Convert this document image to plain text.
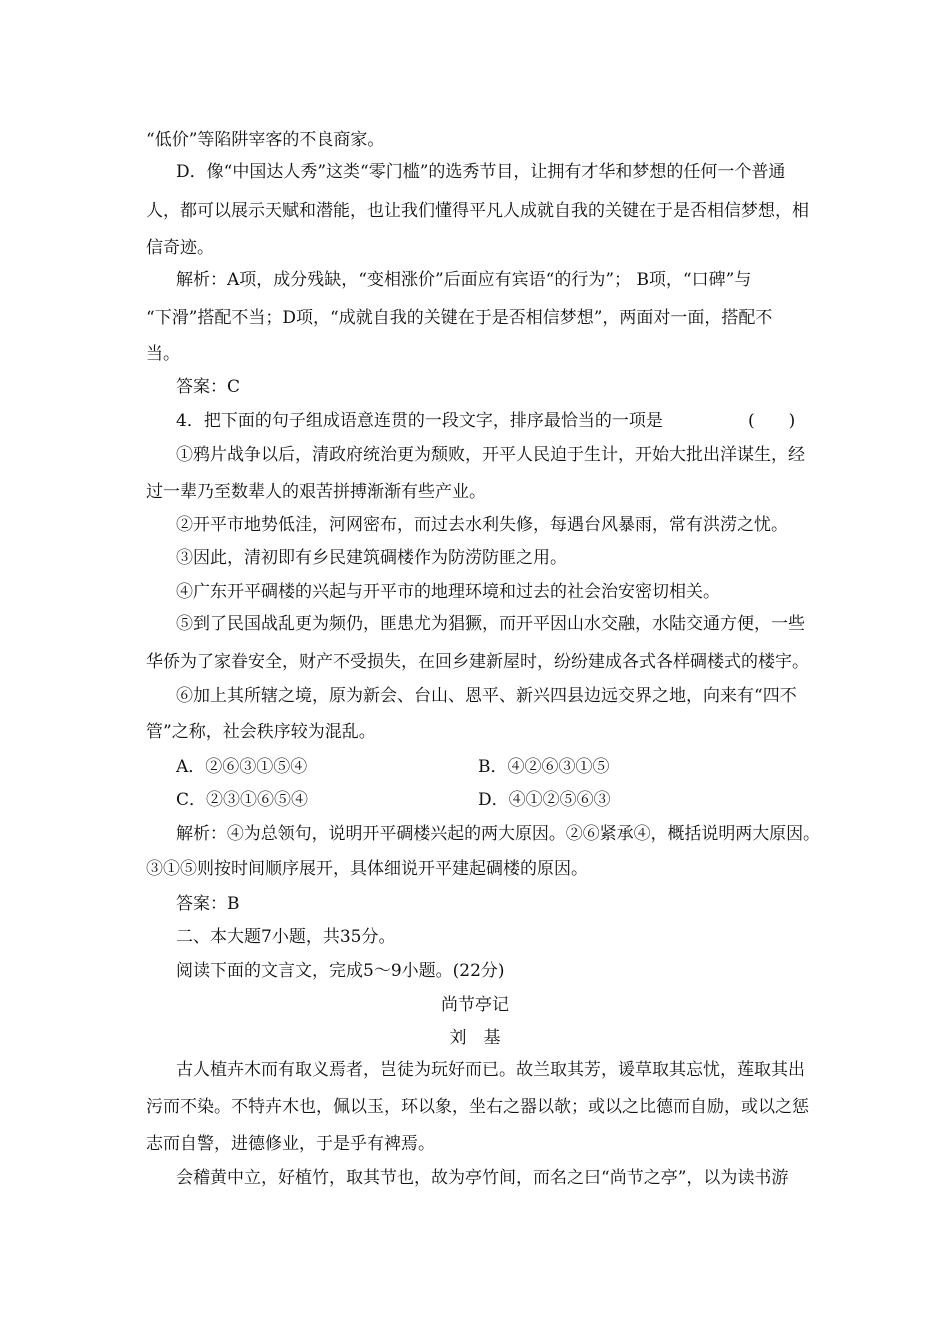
“低价”等陷阱宰客的不良商家。
D．像“中国达人秀”这类“零门槛”的选秀节目，让拥有才华和梦想的任何一个普通
人，都可以展示天赋和潜能，也让我们懂得平凡人成就自我的关键在于是否相信梦想，相
信奇迹。
解析：A项，成分残缺，“变相涨价”后面应有宾语“的行为”； B项，“口碑”与
“下滑”搭配不当；D项，“成就自我的关键在于是否相信梦想”，两面对一面，搭配不
当。
答案：C
4．把下面的句子组成语意连贯的一段文字，排序最恰当的一项是	(　　)
①鸦片战争以后，清政府统治更为颓败，开平人民迫于生计，开始大批出洋谋生，经
过一辈乃至数辈人的艰苦拼搏渐渐有些产业。
②开平市地势低洼，河网密布，而过去水利失修，每遇台风暴雨，常有洪涝之忧。
③因此，清初即有乡民建筑碉楼作为防涝防匪之用。
④广东开平碉楼的兴起与开平市的地理环境和过去的社会治安密切相关。
⑤到了民国战乱更为频仍，匪患尤为猖獗，而开平因山水交融，水陆交通方便，一些
华侨为了家眷安全，财产不受损失，在回乡建新屋时，纷纷建成各式各样碉楼式的楼宇。
⑥加上其所辖之境，原为新会、台山、恩平、新兴四县边远交界之地，向来有“四不
管”之称，社会秩序较为混乱。
A．②⑥③①⑤④	B．④②⑥③①⑤
C．②③①⑥⑤④	D．④①②⑤⑥③
解析：④为总领句，说明开平碉楼兴起的两大原因。②⑥紧承④，概括说明两大原因。
③①⑤则按时间顺序展开，具体细说开平建起碉楼的原因。
答案：B
二、本大题7小题，共35分。
阅读下面的文言文，完成5～9小题。(22分)
尚节亭记
刘　基
古人植卉木而有取义焉者，岂徒为玩好而已。故兰取其芳，谖草取其忘忧，莲取其出
污而不染。不特卉木也，佩以玉，环以象，坐右之器以欹；或以之比德而自励，或以之惩
志而自警，进德修业，于是乎有裨焉。
会稽黄中立，好植竹，取其节也，故为亭竹间，而名之曰“尚节之亭”，以为读书游
